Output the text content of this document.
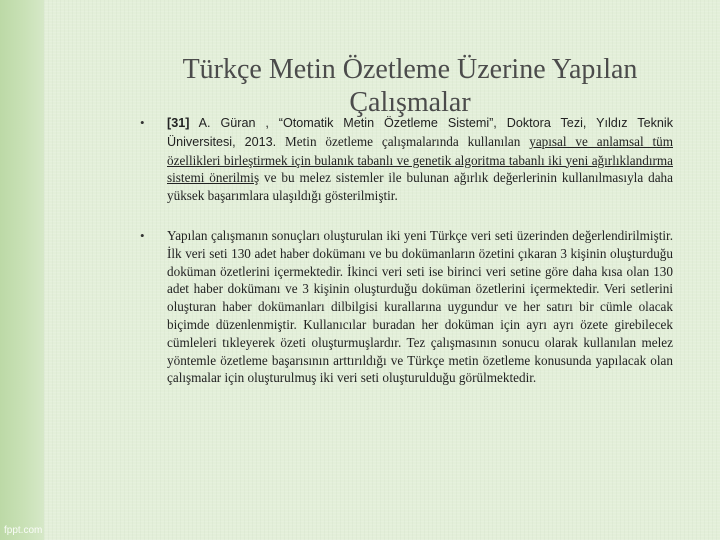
Türkçe Metin Özetleme Üzerine Yapılan Çalışmalar
• [31] A. Güran , “Otomatik Metin Özetleme Sistemi”, Doktora Tezi, Yıldız Teknik Üniversitesi, 2013. Metin özetleme çalışmalarında kullanılan yapısal ve anlamsal tüm özellikleri birleştirmek için bulanık tabanlı ve genetik algoritma tabanlı iki yeni ağırlıklandırma sistemi önerilmiş ve bu melez sistemler ile bulunan ağırlık değerlerinin kullanılmasıyla daha yüksek başarımlara ulaşıldığı gösterilmiştir.
• Yapılan çalışmanın sonuçları oluşturulan iki yeni Türkçe veri seti üzerinden değerlendirilmiştir. İlk veri seti 130 adet haber dokümanı ve bu dokümanların özetini çıkaran 3 kişinin oluşturduğu doküman özetlerini içermektedir. İkinci veri seti ise birinci veri setine göre daha kısa olan 130 adet haber dokümanı ve 3 kişinin oluşturduğu doküman özetlerini içermektedir. Veri setlerini oluşturan haber dokümanları dilbilgisi kurallarına uygundur ve her satırı bir cümle olacak biçimde düzenlenmiştir. Kullanıcılar buradan her doküman için ayrı ayrı özete girebilecek cümleleri tıkleyerek özeti oluşturmuşlardır. Tez çalışmasının sonucu olarak kullanılan melez yöntemle özetleme başarısının arttırıldığı ve Türkçe metin özetleme konusunda yapılacak olan çalışmalar için oluşturulmuş iki veri seti oluşturulduğu görülmektedir.
fppt.com
